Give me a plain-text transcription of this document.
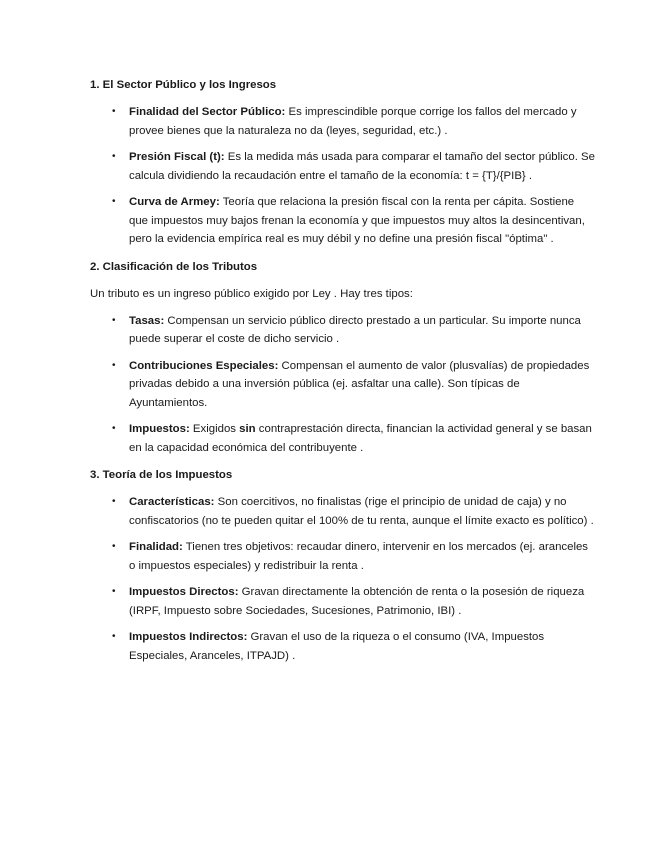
1. El Sector Público y los Ingresos
• Finalidad del Sector Público: Es imprescindible porque corrige los fallos del mercado y provee bienes que la naturaleza no da (leyes, seguridad, etc.) .
• Presión Fiscal (t): Es la medida más usada para comparar el tamaño del sector público. Se calcula dividiendo la recaudación entre el tamaño de la economía: t = {T}/{PIB} .
• Curva de Armey: Teoría que relaciona la presión fiscal con la renta per cápita. Sostiene que impuestos muy bajos frenan la economía y que impuestos muy altos la desincentivan, pero la evidencia empírica real es muy débil y no define una presión fiscal "óptima" .
2. Clasificación de los Tributos
Un tributo es un ingreso público exigido por Ley . Hay tres tipos:
• Tasas: Compensan un servicio público directo prestado a un particular. Su importe nunca puede superar el coste de dicho servicio .
• Contribuciones Especiales: Compensan el aumento de valor (plusvalías) de propiedades privadas debido a una inversión pública (ej. asfaltar una calle). Son típicas de Ayuntamientos.
• Impuestos: Exigidos sin contraprestación directa, financian la actividad general y se basan en la capacidad económica del contribuyente .
3. Teoría de los Impuestos
• Características: Son coercitivos, no finalistas (rige el principio de unidad de caja) y no confiscatorios (no te pueden quitar el 100% de tu renta, aunque el límite exacto es político) .
• Finalidad: Tienen tres objetivos: recaudar dinero, intervenir en los mercados (ej. aranceles o impuestos especiales) y redistribuir la renta .
• Impuestos Directos: Gravan directamente la obtención de renta o la posesión de riqueza (IRPF, Impuesto sobre Sociedades, Sucesiones, Patrimonio, IBI) .
• Impuestos Indirectos: Gravan el uso de la riqueza o el consumo (IVA, Impuestos Especiales, Aranceles, ITPAJD) .
